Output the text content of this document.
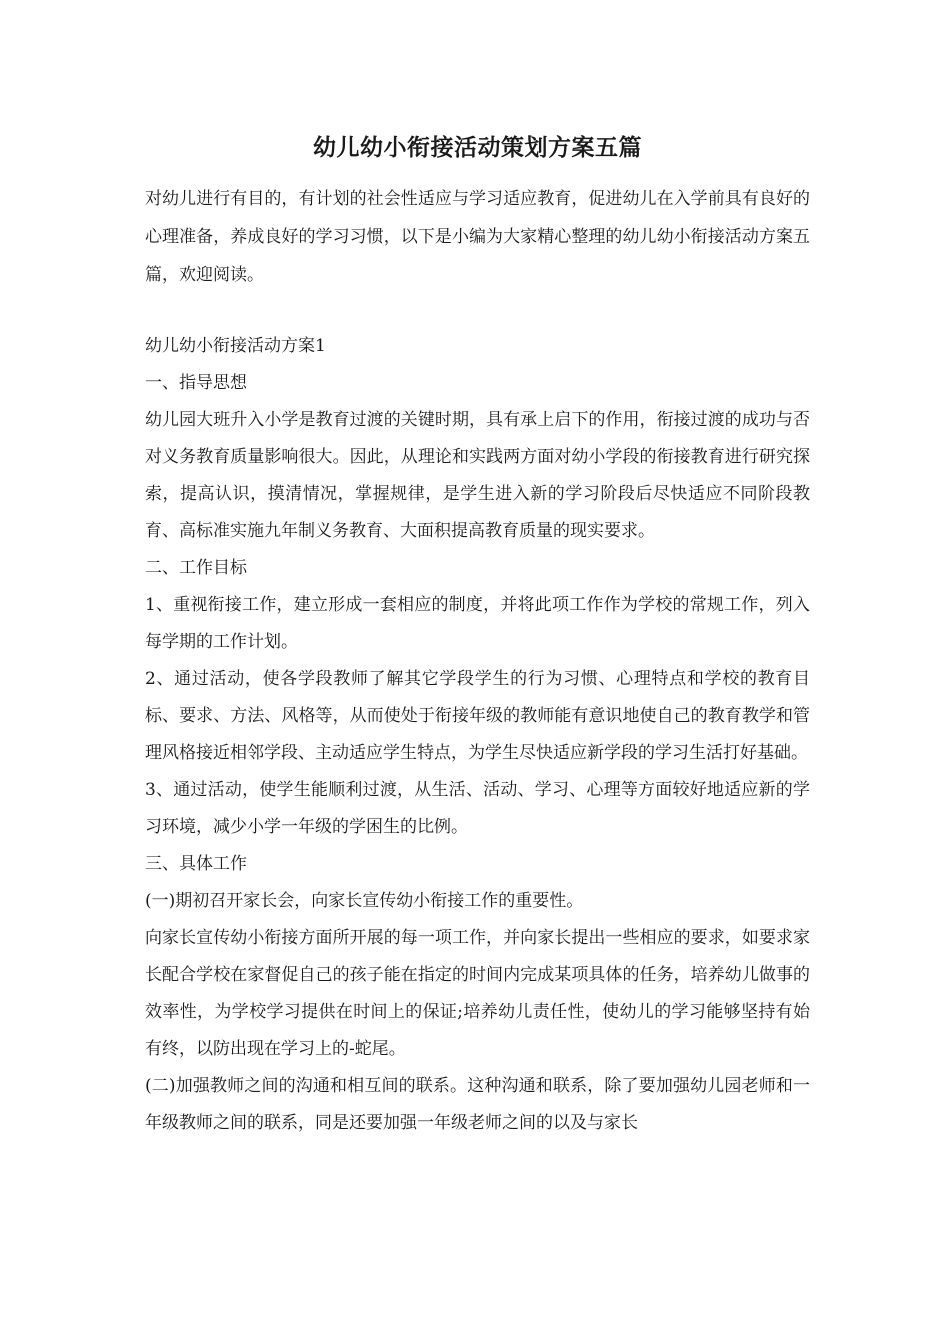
幼儿幼小衔接活动策划方案五篇

对幼儿进行有目的，有计划的社会性适应与学习适应教育，促进幼儿在入学前具有良好的心理准备，养成良好的学习习惯，以下是小编为大家精心整理的幼儿幼小衔接活动方案五篇，欢迎阅读。

幼儿幼小衔接活动方案1

一、指导思想

幼儿园大班升入小学是教育过渡的关键时期，具有承上启下的作用，衔接过渡的成功与否对义务教育质量影响很大。因此，从理论和实践两方面对幼小学段的衔接教育进行研究探索，提高认识，摸清情况，掌握规律，是学生进入新的学习阶段后尽快适应不同阶段教育、高标准实施九年制义务教育、大面积提高教育质量的现实要求。

二、工作目标

1、重视衔接工作，建立形成一套相应的制度，并将此项工作作为学校的常规工作，列入每学期的工作计划。

2、通过活动，使各学段教师了解其它学段学生的行为习惯、心理特点和学校的教育目标、要求、方法、风格等，从而使处于衔接年级的教师能有意识地使自己的教育教学和管理风格接近相邻学段、主动适应学生特点，为学生尽快适应新学段的学习生活打好基础。

3、通过活动，使学生能顺利过渡，从生活、活动、学习、心理等方面较好地适应新的学习环境，减少小学一年级的学困生的比例。

三、具体工作

(一)期初召开家长会，向家长宣传幼小衔接工作的重要性。

向家长宣传幼小衔接方面所开展的每一项工作，并向家长提出一些相应的要求，如要求家长配合学校在家督促自己的孩子能在指定的时间内完成某项具体的任务，培养幼儿做事的效率性，为学校学习提供在时间上的保证;培养幼儿责任性，使幼儿的学习能够坚持有始有终，以防出现在学习上的-蛇尾。

(二)加强教师之间的沟通和相互间的联系。这种沟通和联系，除了要加强幼儿园老师和一年级教师之间的联系，同是还要加强一年级老师之间的以及与家长
